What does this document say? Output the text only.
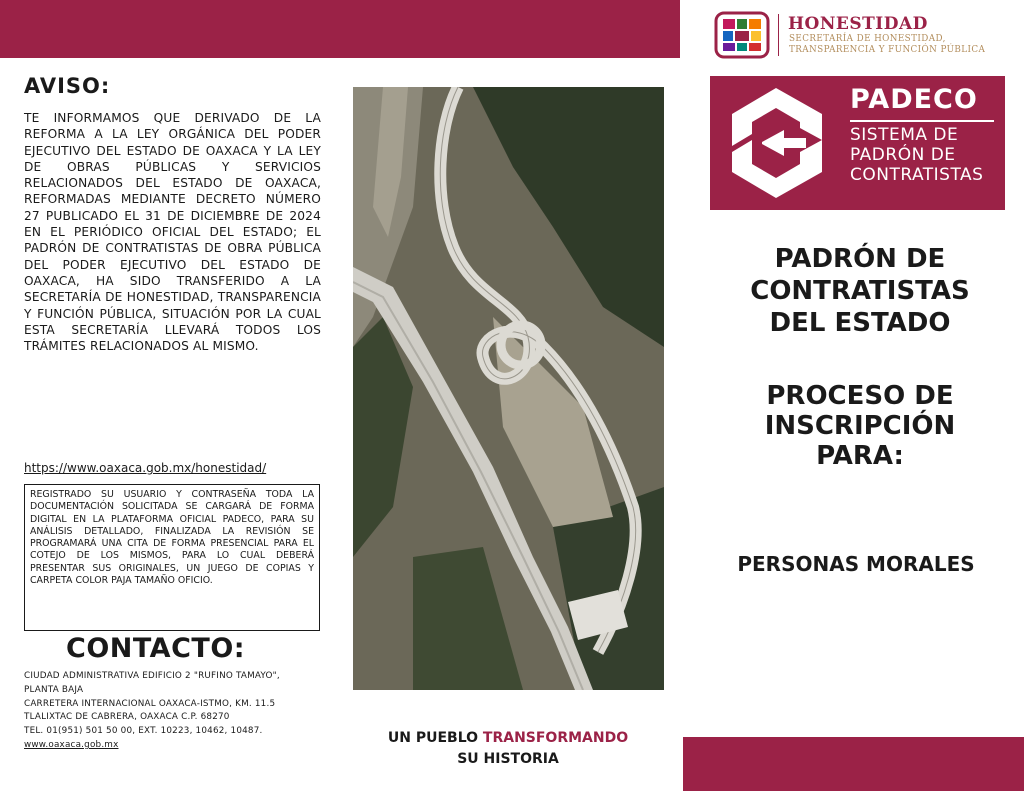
AVISO:
TE INFORMAMOS QUE DERIVADO DE LA REFORMA A LA LEY ORGÁNICA DEL PODER EJECUTIVO DEL ESTADO DE OAXACA Y LA LEY DE OBRAS PÚBLICAS Y SERVICIOS RELACIONADOS DEL ESTADO DE OAXACA, REFORMADAS MEDIANTE DECRETO NÚMERO 27 PUBLICADO EL 31 DE DICIEMBRE DE 2024 EN EL PERIÓDICO OFICIAL DEL ESTADO; EL PADRÓN DE CONTRATISTAS DE OBRA PÚBLICA DEL PODER EJECUTIVO DEL ESTADO DE OAXACA, HA SIDO TRANSFERIDO A LA SECRETARÍA DE HONESTIDAD, TRANSPARENCIA Y FUNCIÓN PÚBLICA, SITUACIÓN POR LA CUAL ESTA SECRETARÍA LLEVARÁ TODOS LOS TRÁMITES RELACIONADOS AL MISMO.
https://www.oaxaca.gob.mx/honestidad/
REGISTRADO SU USUARIO Y CONTRASEÑA TODA LA DOCUMENTACIÓN SOLICITADA SE CARGARÁ DE FORMA DIGITAL EN LA PLATAFORMA OFICIAL PADECO, PARA SU ANÁLISIS DETALLADO, FINALIZADA LA REVISIÓN SE PROGRAMARÁ UNA CITA DE FORMA PRESENCIAL PARA EL COTEJO DE LOS MISMOS, PARA LO CUAL DEBERÁ PRESENTAR SUS ORIGINALES, UN JUEGO DE COPIAS Y CARPETA COLOR PAJA TAMAÑO OFICIO.
CONTACTO:
CIUDAD ADMINISTRATIVA EDIFICIO 2 "RUFINO TAMAYO",
PLANTA BAJA
CARRETERA INTERNACIONAL OAXACA-ISTMO, KM. 11.5
TLALIXTAC DE CABRERA, OAXACA C.P. 68270
TEL. 01(951) 501 50 00, EXT. 10223, 10462, 10487.
www.oaxaca.gob.mx	UN PUEBLO TRANSFORMANDO
SU HISTORIA
HONESTIDAD
SECRETARÍA DE HONESTIDAD,
TRANSPARENCIA Y FUNCIÓN PÚBLICA
PADECO
SISTEMA DE
PADRÓN DE
CONTRATISTAS
PADRÓN DE
CONTRATISTAS
DEL ESTADO
PROCESO DE
INSCRIPCIÓN
PARA:
PERSONAS MORALES
